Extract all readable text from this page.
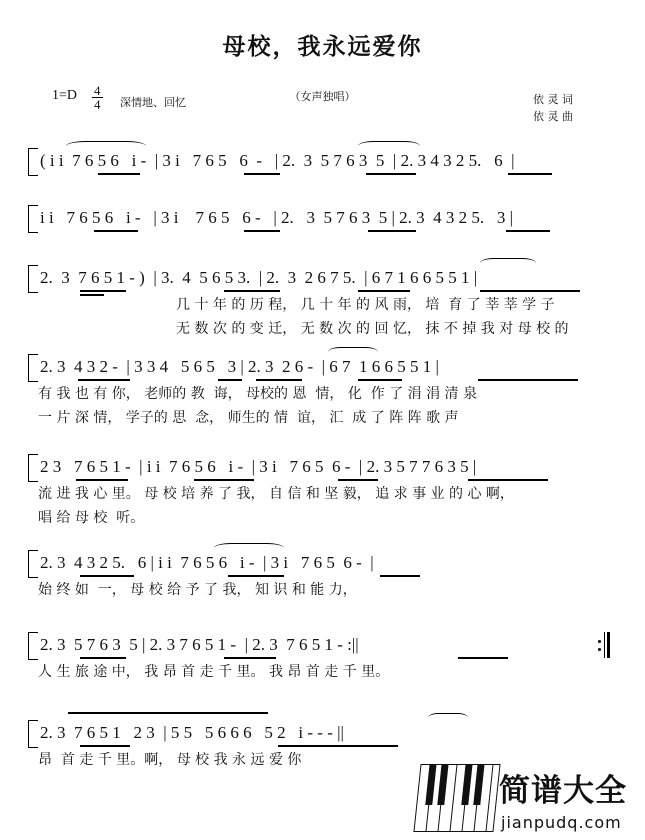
母校，我永远爱你
$1=D \frac{4}{4}$ 深情地、回忆	（女声独唱）	依 灵 词
依 灵 曲
( i i  7 6 5 6   i -  | 3 i   7 6 5   6  -   | 2.  3  5 7 6 3  5  | 2. 3 4 3 2 5.   6  |
i i   7 6 5 6   i -   | 3 i    7 6 5   6 -   | 2.   3  5 7 6 3  5 | 2. 3  4 3 2 5.   3 |
2.  3  7 6 5 1 - )  | 3.  4  5 6 5 3.  | 2.  3  2 6 7 5.  | 6 7 1 6 6 5 5 1 |
几 十 年 的 历 程， 几 十 年 的 风 雨， 培  育 了 莘 莘 学 子
无 数 次 的 变 迁， 无 数 次 的 回 忆， 抹 不 掉 我 对 母 校 的
2. 3  4 3 2 -  | 3 3 4   5 6 5   3 | 2. 3  2 6 -  | 6 7  1 6 6 5 5 1 |
有 我 也 有 你， 老师的 教  诲， 母校的 恩  情， 化  作 了 涓 涓 清 泉
一 片 深 情， 学子的 思  念， 师生的 情  谊， 汇  成 了 阵 阵 歌 声
2 3   7 6 5 1 -  | i i  7 6 5 6   i -  | 3 i   7 6 5  6 -  | 2. 3 5 7 7 6 3 5 |
流 进 我 心 里。 母 校 培 养 了 我， 自 信 和 坚 毅， 追 求 事 业 的 心 啊，
唱 给 母 校  听。
2. 3  4 3 2 5.   6 | i i  7 6 5 6   i -  | 3 i   7 6 5  6 -  |
始 终 如  一， 母 校 给 予 了 我， 知 识 和 能 力，
2. 3  5 7 6 3  5 | 2. 3 7 6 5 1 -  | 2. 3  7 6 5 1 - :||
人 生 旅 途 中， 我 昂 首 走 千 里。 我 昂 首 走 千 里。
2. 3  7 6 5 1   2 3  | 5 5   5 6 6 6   5 2   i - - - ||
昂  首 走 千 里。啊， 母 校 我 永 远 爱 你
简谱大全
jianpudq.com
